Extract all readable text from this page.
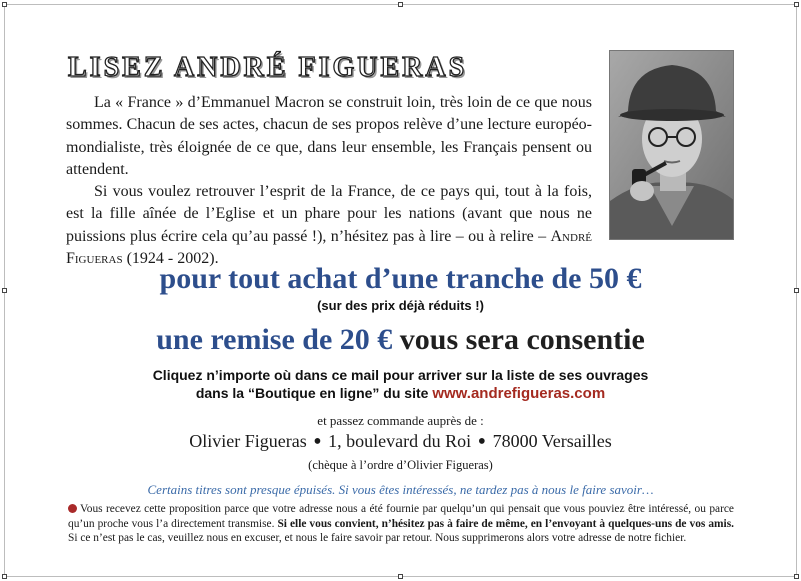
LISEZ ANDRÉ FIGUERAS

La « France » d’Emmanuel Macron se construit loin, très loin de ce que nous sommes. Chacun de ses actes, chacun de ses propos relève d’une lecture européo-mondialiste, très éloignée de ce que, dans leur ensemble, les Français pensent ou attendent.

Si vous voulez retrouver l’esprit de la France, de ce pays qui, tout à la fois, est la fille aînée de l’Eglise et un phare pour les nations (avant que nous ne puissions plus écrire cela qu’au passé !), n’hésitez pas à lire – ou à relire – André Figueras (1924 - 2002).

pour tout achat d’une tranche de 50 €
(sur des prix déjà réduits !)
une remise de 20 € vous sera consentie
Cliquez n’importe où dans ce mail pour arriver sur la liste de ses ouvrages
dans la “Boutique en ligne” du site www.andrefigueras.com
et passez commande auprès de :
Olivier Figueras • 1, boulevard du Roi • 78000 Versailles
(chèque à l’ordre d’Olivier Figueras)
Certains titres sont presque épuisés. Si vous êtes intéressés, ne tardez pas à nous le faire savoir…

Vous recevez cette proposition parce que votre adresse nous a été fournie par quelqu’un qui pensait que vous pouviez être intéressé, ou parce qu’un proche vous l’a directement transmise. Si elle vous convient, n’hésitez pas à faire de même, en l’envoyant à quelques-uns de vos amis. Si ce n’est pas le cas, veuillez nous en excuser, et nous le faire savoir par retour. Nous supprimerons alors votre adresse de notre fichier.
